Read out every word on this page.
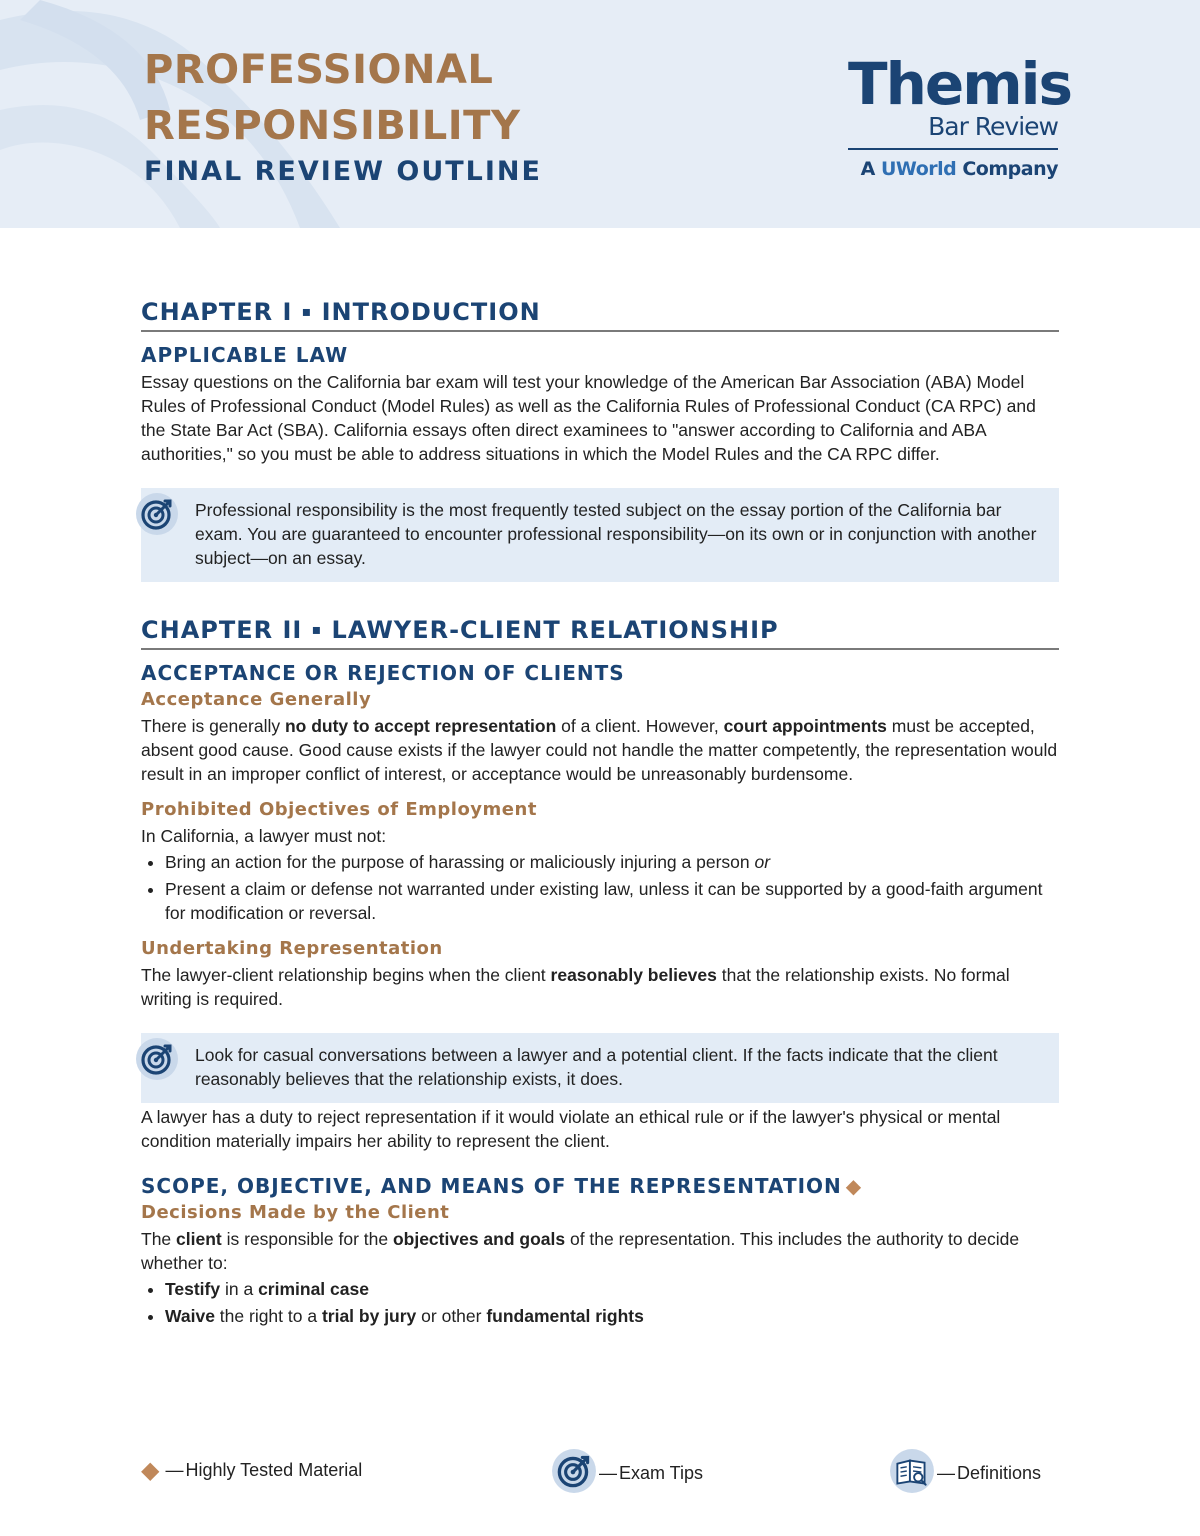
PROFESSIONAL
RESPONSIBILITY
FINAL REVIEW OUTLINE
Themis
Bar Review
A UWorld Company
CHAPTER I ▪ INTRODUCTION
APPLICABLE LAW

Essay questions on the California bar exam will test your knowledge of the American Bar Association (ABA) Model Rules of Professional Conduct (Model Rules) as well as the California Rules of Professional Conduct (CA RPC) and the State Bar Act (SBA). California essays often direct examinees to "answer according to California and ABA authorities," so you must be able to address situations in which the Model Rules and the CA RPC differ.

Professional responsibility is the most frequently tested subject on the essay portion of the California bar exam. You are guaranteed to encounter professional responsibility—on its own or in conjunction with another subject—on an essay.
CHAPTER II ▪ LAWYER-CLIENT RELATIONSHIP
ACCEPTANCE OR REJECTION OF CLIENTS
Acceptance Generally

There is generally no duty to accept representation of a client. However, court appointments must be accepted, absent good cause. Good cause exists if the lawyer could not handle the matter competently, the representation would result in an improper conflict of interest, or acceptance would be unreasonably burdensome.

Prohibited Objectives of Employment

In California, a lawyer must not:

• Bring an action for the purpose of harassing or maliciously injuring a person or
• Present a claim or defense not warranted under existing law, unless it can be supported by a good-faith argument for modification or reversal.
Undertaking Representation

The lawyer-client relationship begins when the client reasonably believes that the relationship exists. No formal writing is required.

Look for casual conversations between a lawyer and a potential client. If the facts indicate that the client reasonably believes that the relationship exists, it does.

A lawyer has a duty to reject representation if it would violate an ethical rule or if the lawyer's physical or mental condition materially impairs her ability to represent the client.

SCOPE, OBJECTIVE, AND MEANS OF THE REPRESENTATION ◆
Decisions Made by the Client

The client is responsible for the objectives and goals of the representation. This includes the authority to decide whether to:

• Testify in a criminal case
• Waive the right to a trial by jury or other fundamental rights
◆ — Highly Tested Material	— Exam Tips	— Definitions
